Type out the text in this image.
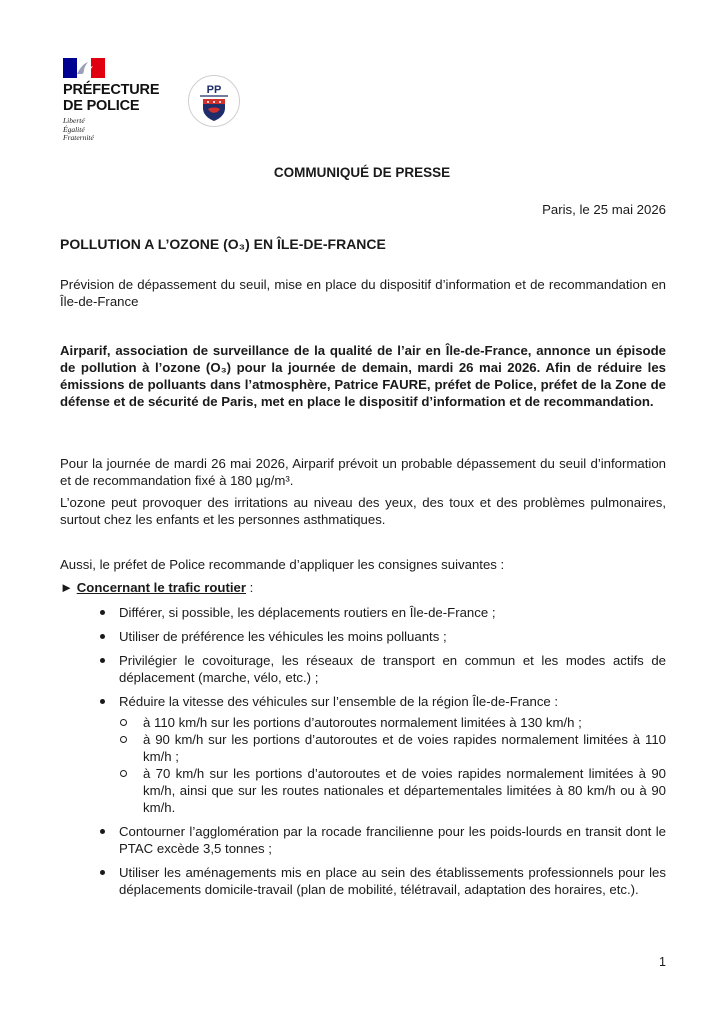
PRÉFECTURE
DE POLICE
Liberté
Égalité
Fraternité
PP
COMMUNIQUÉ DE PRESSE
Paris, le 25 mai 2026
POLLUTION A L’OZONE (O₃) EN ÎLE-DE-FRANCE
Prévision de dépassement du seuil, mise en place du dispositif d’information et de recommandation en Île-de-France
Airparif, association de surveillance de la qualité de l’air en Île-de-France, annonce un épisode de pollution à l’ozone (O₃) pour la journée de demain, mardi 26 mai 2026. Afin de réduire les émissions de polluants dans l’atmosphère, Patrice FAURE, préfet de Police, préfet de la Zone de défense et de sécurité de Paris, met en place le dispositif d’information et de recommandation.
Pour la journée de mardi 26 mai 2026, Airparif prévoit un probable dépassement du seuil d’information et de recommandation fixé à 180 µg/m³.
L’ozone peut provoquer des irritations au niveau des yeux, des toux et des problèmes pulmonaires, surtout chez les enfants et les personnes asthmatiques.
Aussi, le préfet de Police recommande d’appliquer les consignes suivantes :
► Concernant le trafic routier :
Différer, si possible, les déplacements routiers en Île-de-France ;
Utiliser de préférence les véhicules les moins polluants ;
Privilégier le covoiturage, les réseaux de transport en commun et les modes actifs de déplacement (marche, vélo, etc.) ;
Réduire la vitesse des véhicules sur l’ensemble de la région Île-de-France :
à 110 km/h sur les portions d’autoroutes normalement limitées à 130 km/h ;
à 90 km/h sur les portions d’autoroutes et de voies rapides normalement limitées à 110 km/h ;
à 70 km/h sur les portions d’autoroutes et de voies rapides normalement limitées à 90 km/h, ainsi que sur les routes nationales et départementales limitées à 80 km/h ou à 90 km/h.
Contourner l’agglomération par la rocade francilienne pour les poids-lourds en transit dont le PTAC excède 3,5 tonnes ;
Utiliser les aménagements mis en place au sein des établissements professionnels pour les déplacements domicile-travail (plan de mobilité, télétravail, adaptation des horaires, etc.).
1
